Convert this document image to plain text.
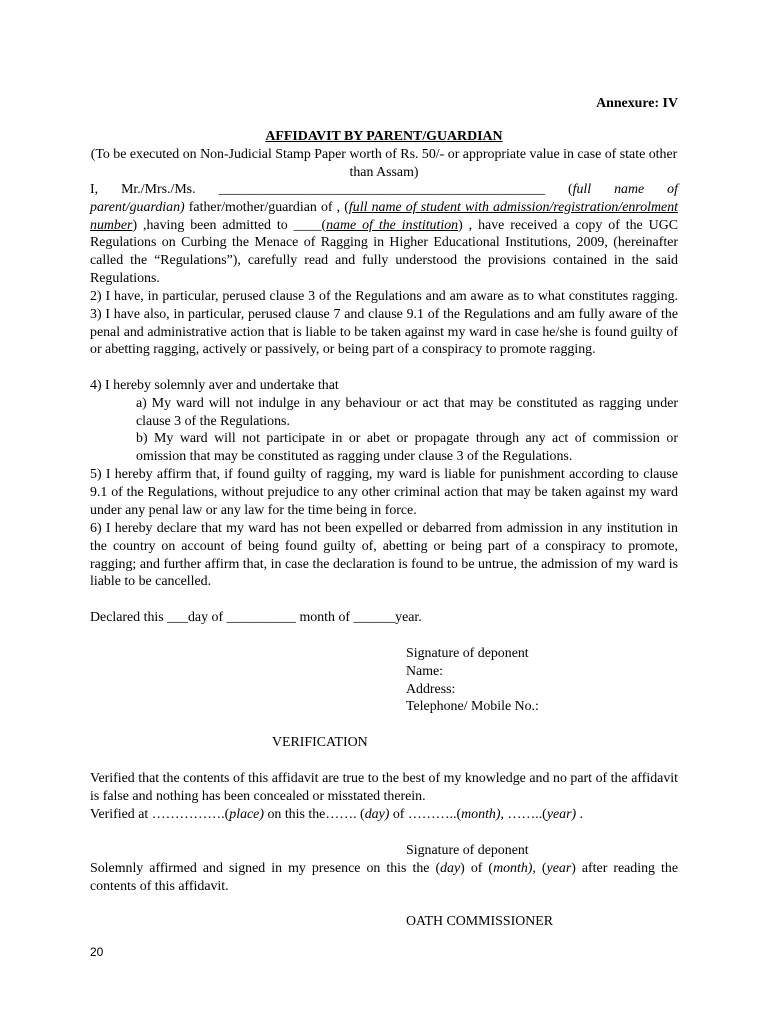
Annexure: IV
AFFIDAVIT BY PARENT/GUARDIAN
(To be executed on Non-Judicial Stamp Paper worth of Rs. 50/- or appropriate value in case of state other than Assam)
I, Mr./Mrs./Ms. _______________________________________________ (full name of parent/guardian) father/mother/guardian of , (full name of student with admission/registration/enrolment number) ,having been admitted to ____(name of the institution) , have received a copy of the UGC Regulations on Curbing the Menace of Ragging in Higher Educational Institutions, 2009, (hereinafter called the “Regulations”), carefully read and fully understood the provisions contained in the said Regulations.
2) I have, in particular, perused clause 3 of the Regulations and am aware as to what constitutes ragging. 3) I have also, in particular, perused clause 7 and clause 9.1 of the Regulations and am fully aware of the penal and administrative action that is liable to be taken against my ward in case he/she is found guilty of or abetting ragging, actively or passively, or being part of a conspiracy to promote ragging.
4) I hereby solemnly aver and undertake that
a) My ward will not indulge in any behaviour or act that may be constituted as ragging under clause 3 of the Regulations.
b) My ward will not participate in or abet or propagate through any act of commission or omission that may be constituted as ragging under clause 3 of the Regulations.
5) I hereby affirm that, if found guilty of ragging, my ward is liable for punishment according to clause 9.1 of the Regulations, without prejudice to any other criminal action that may be taken against my ward under any penal law or any law for the time being in force.
6) I hereby declare that my ward has not been expelled or debarred from admission in any institution in the country on account of being found guilty of, abetting or being part of a conspiracy to promote, ragging; and further affirm that, in case the declaration is found to be untrue, the admission of my ward is liable to be cancelled.
Declared this ___day of __________ month of ______year.
Signature of deponent
Name:
Address:
Telephone/ Mobile No.:
VERIFICATION
Verified that the contents of this affidavit are true to the best of my knowledge and no part of the affidavit is false and nothing has been concealed or misstated therein.
Verified at …………….(place) on this the……. (day) of ………..(month), ……..(year) .
Signature of deponent
Solemnly affirmed and signed in my presence on this the (day) of (month), (year) after reading the contents of this affidavit.
OATH COMMISSIONER
20
